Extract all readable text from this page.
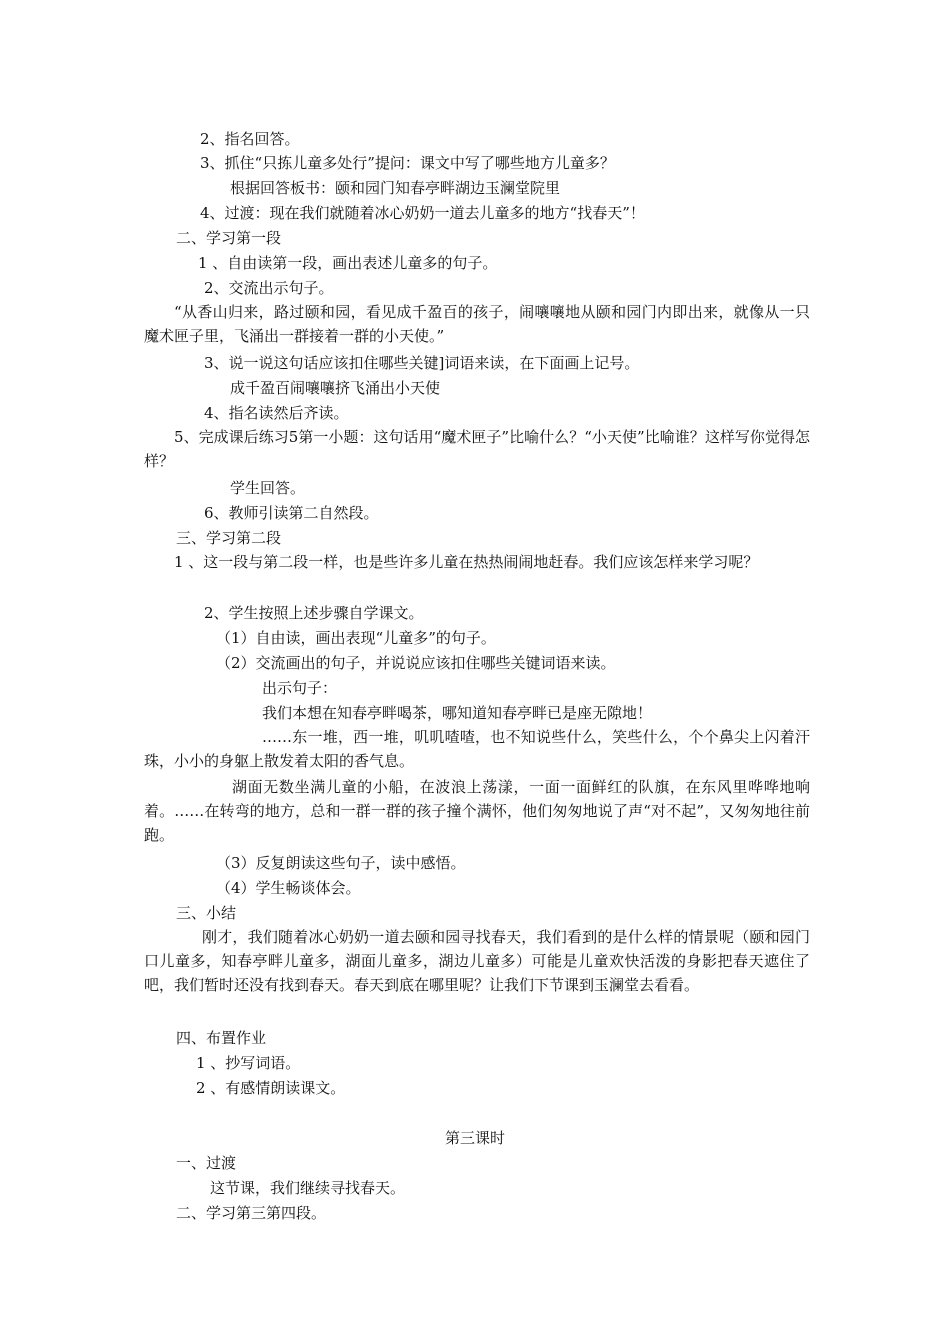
2、指名回答。
3、抓住“只拣儿童多处行”提问：课文中写了哪些地方儿童多？
根据回答板书：颐和园门知春亭畔湖边玉澜堂院里
4、过渡：现在我们就随着冰心奶奶一道去儿童多的地方“找春天”！
二、学习第一段
1 、自由读第一段，画出表述儿童多的句子。
2、交流出示句子。
“从香山归来，路过颐和园，看见成千盈百的孩子，闹嚷嚷地从颐和园门内即出来，就像从一只魔术匣子里，飞涌出一群接着一群的小天使。”
3、说一说这句话应该扣住哪些关键]词语来读，在下面画上记号。
成千盈百闹嚷嚷挤飞涌出小天使
4、指名读然后齐读。
5、完成课后练习5第一小题：这句话用“魔术匣子”比喻什么？“小天使”比喻谁？这样写你觉得怎样？
学生回答。
6、教师引读第二自然段。
三、学习第二段
1 、这一段与第二段一样，也是些许多儿童在热热闹闹地赶春。我们应该怎样来学习呢？
2、学生按照上述步骤自学课文。
（1）自由读，画出表现“儿童多”的句子。
（2）交流画出的句子，并说说应该扣住哪些关键词语来读。
出示句子：
我们本想在知春亭畔喝茶，哪知道知春亭畔已是座无隙地！
……东一堆，西一堆，叽叽喳喳，也不知说些什么，笑些什么，个个鼻尖上闪着汗珠，小小的身躯上散发着太阳的香气息。
湖面无数坐满儿童的小船，在波浪上荡漾，一面一面鲜红的队旗，在东风里哗哗地响着。……在转弯的地方，总和一群一群的孩子撞个满怀，他们匆匆地说了声“对不起”，又匆匆地往前跑。
（3）反复朗读这些句子，读中感悟。
（4）学生畅谈体会。
三、小结
刚才，我们随着冰心奶奶一道去颐和园寻找春天，我们看到的是什么样的情景呢（颐和园门口儿童多，知春亭畔儿童多，湖面儿童多，湖边儿童多）可能是儿童欢快活泼的身影把春天遮住了吧，我们暂时还没有找到春天。春天到底在哪里呢？让我们下节课到玉澜堂去看看。
四、布置作业
1 、抄写词语。
2 、有感情朗读课文。
第三课时
一、过渡
这节课，我们继续寻找春天。
二、学习第三第四段。
